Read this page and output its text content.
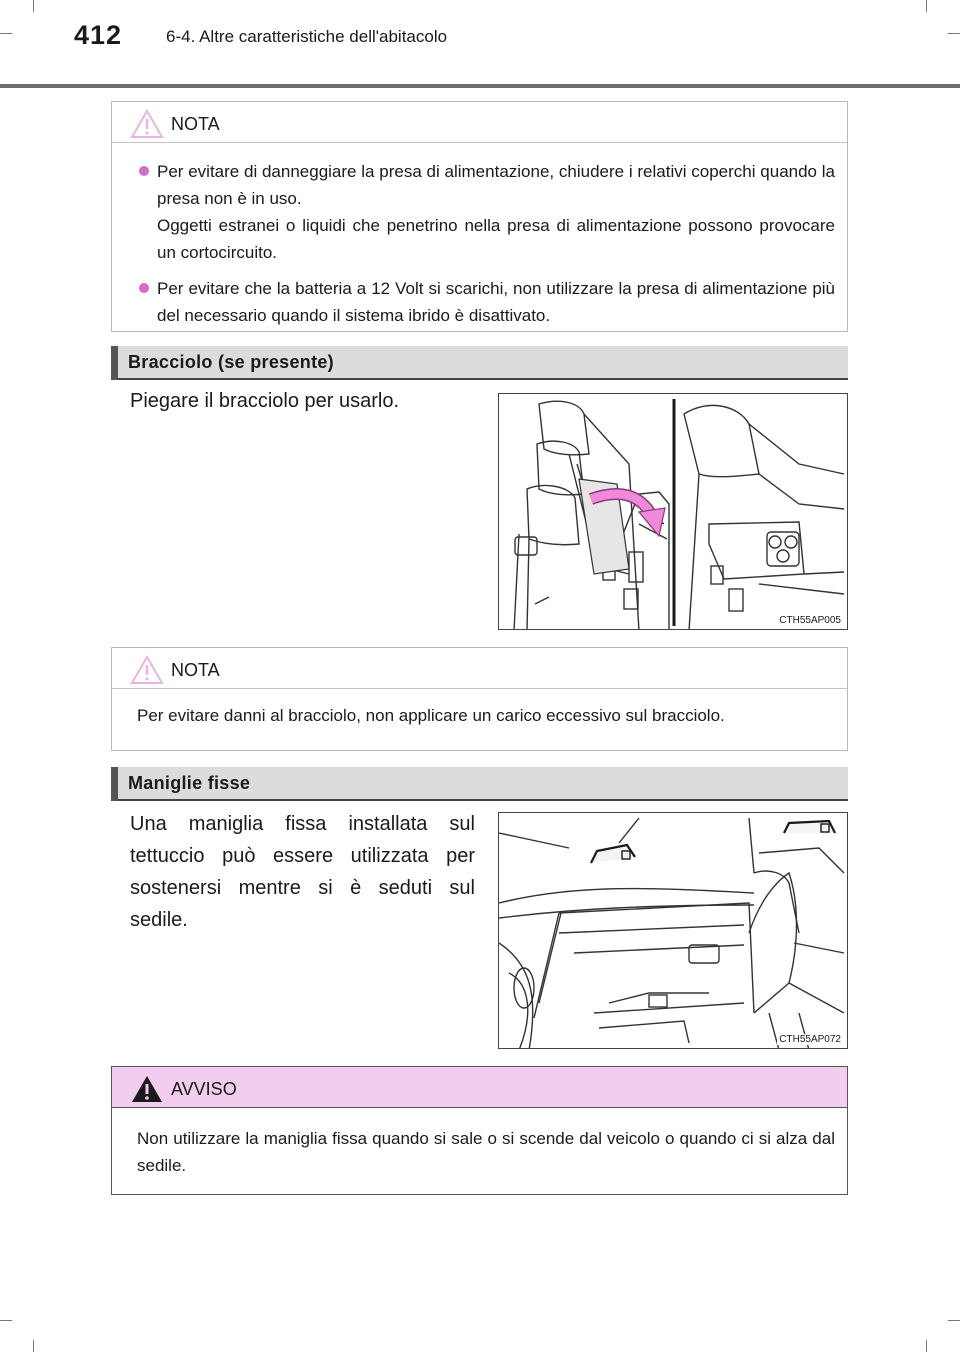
412	6-4. Altre caratteristiche dell'abitacolo
NOTA
Per evitare di danneggiare la presa di alimentazione, chiudere i relativi coperchi quando la presa non è in uso.
Oggetti estranei o liquidi che penetrino nella presa di alimentazione possono provocare un cortocircuito.
Per evitare che la batteria a 12 Volt si scarichi, non utilizzare la presa di alimentazione più del necessario quando il sistema ibrido è disattivato.
Bracciolo (se presente)
Piegare il bracciolo per usarlo.
CTH55AP005
NOTA
Per evitare danni al bracciolo, non applicare un carico eccessivo sul bracciolo.
Maniglie fisse
Una maniglia fissa installata sul tettuccio può essere utilizzata per sostenersi mentre si è seduti sul sedile.
CTH55AP072
AVVISO
Non utilizzare la maniglia fissa quando si sale o si scende dal veicolo o quando ci si alza dal sedile.
